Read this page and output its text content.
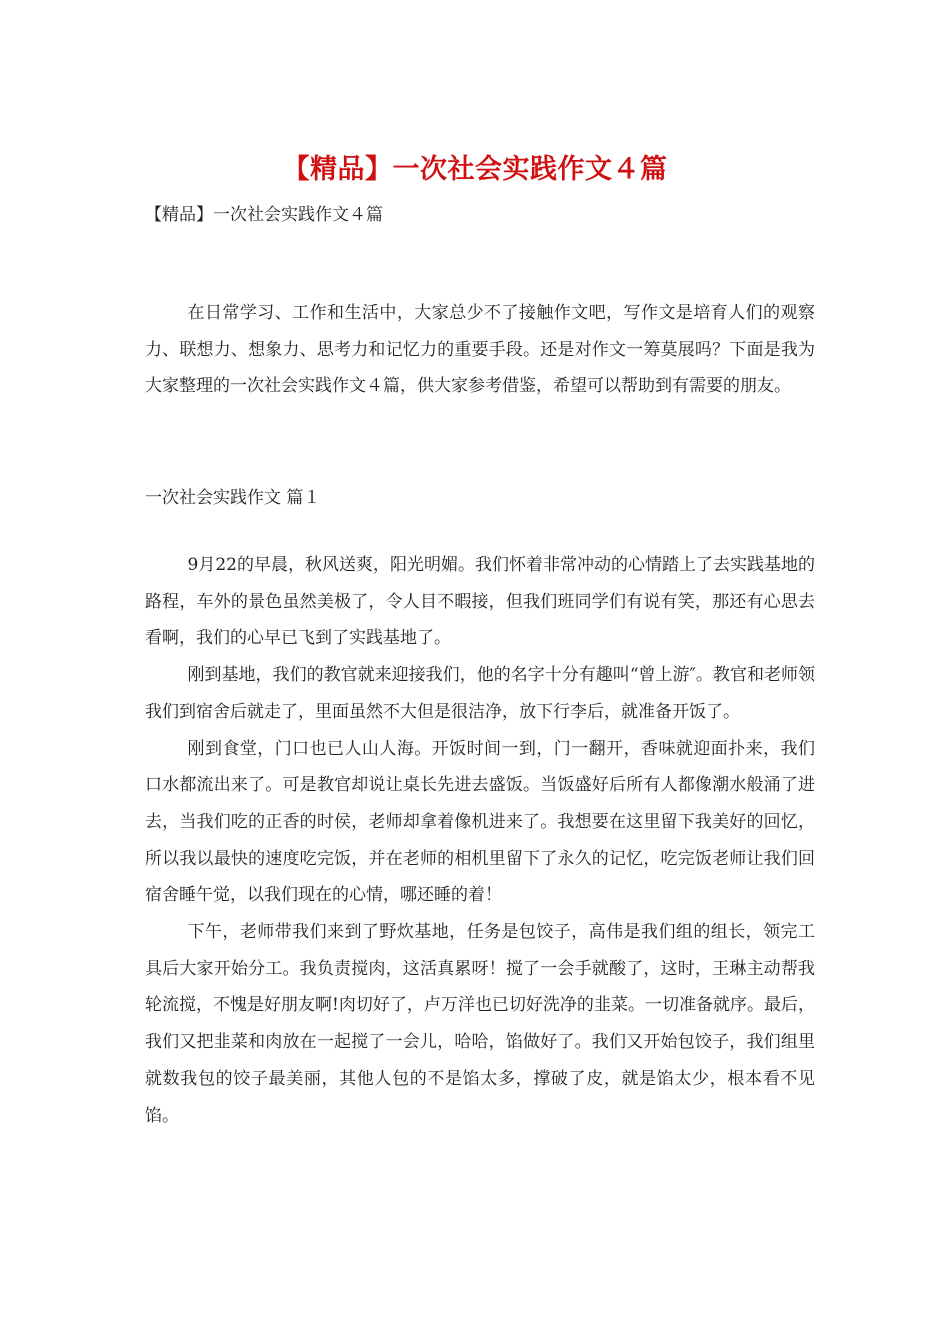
【精品】一次社会实践作文４篇
【精品】一次社会实践作文４篇

在日常学习、工作和生活中，大家总少不了接触作文吧，写作文是培育人们的观察力、联想力、想象力、思考力和记忆力的重要手段。还是对作文一筹莫展吗？下面是我为大家整理的一次社会实践作文４篇，供大家参考借鉴，希望可以帮助到有需要的朋友。

一次社会实践作文 篇１

9月22的早晨，秋风送爽，阳光明媚。我们怀着非常冲动的心情踏上了去实践基地的路程，车外的景色虽然美极了，令人目不暇接，但我们班同学们有说有笑，那还有心思去看啊，我们的心早已飞到了实践基地了。

刚到基地，我们的教官就来迎接我们，他的名字十分有趣叫“曾上游″。教官和老师领我们到宿舍后就走了，里面虽然不大但是很洁净，放下行李后，就准备开饭了。

刚到食堂，门口也已人山人海。开饭时间一到，门一翻开，香味就迎面扑来，我们口水都流出来了。可是教官却说让桌长先进去盛饭。当饭盛好后所有人都像潮水般涌了进去，当我们吃的正香的时侯，老师却拿着像机进来了。我想要在这里留下我美好的回忆，所以我以最快的速度吃完饭，并在老师的相机里留下了永久的记忆，吃完饭老师让我们回宿舍睡午觉，以我们现在的心情，哪还睡的着！

下午，老师带我们来到了野炊基地，任务是包饺子，高伟是我们组的组长，领完工具后大家开始分工。我负责搅肉，这活真累呀！搅了一会手就酸了，这时，王琳主动帮我轮流搅，不愧是好朋友啊!肉切好了，卢万洋也已切好洗净的韭菜。一切准备就序。最后，我们又把韭菜和肉放在一起搅了一会儿，哈哈，馅做好了。我们又开始包饺子，我们组里就数我包的饺子最美丽，其他人包的不是馅太多，撑破了皮，就是馅太少，根本看不见馅。
